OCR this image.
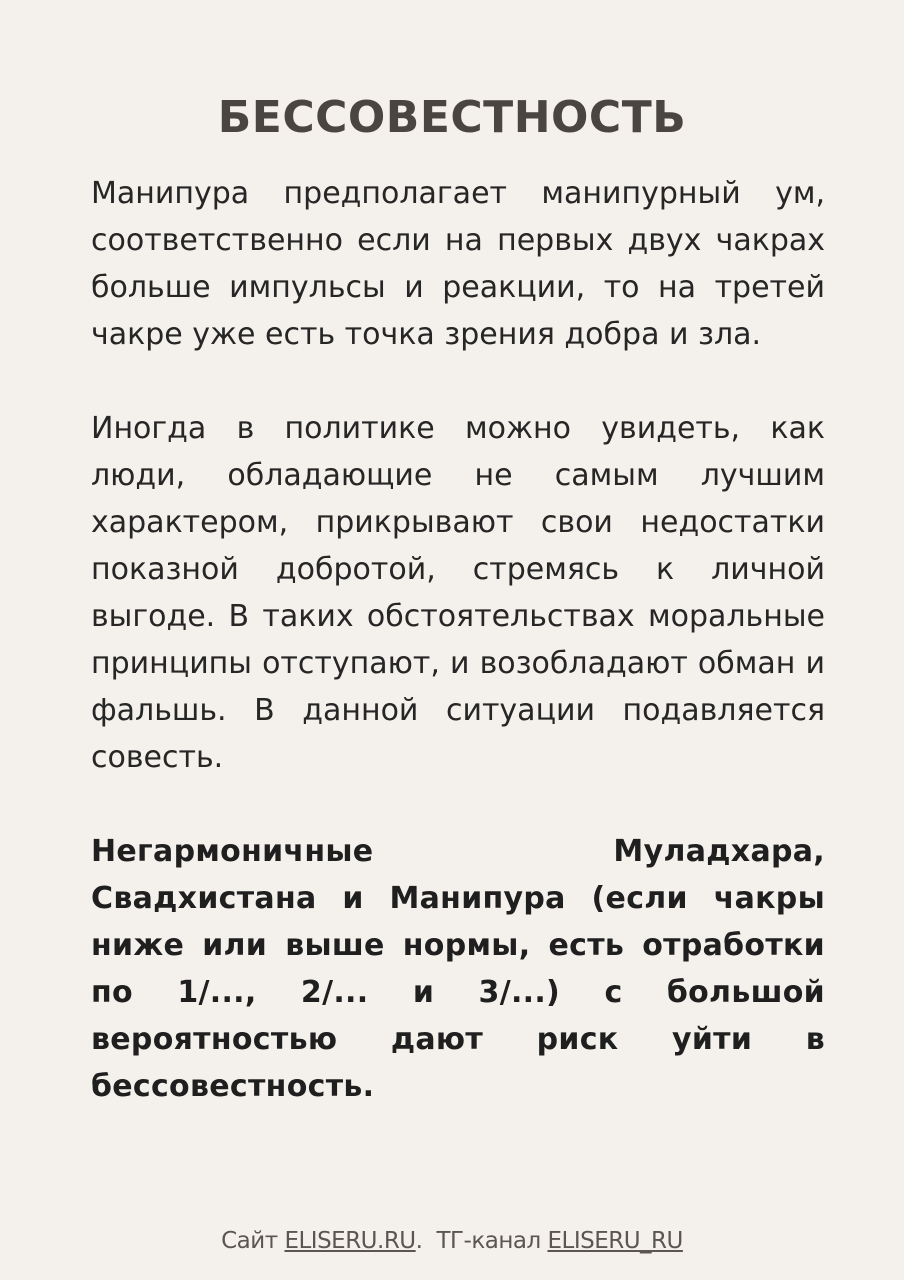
БЕССОВЕСТНОСТЬ

Манипура предполагает манипурный ум, соответственно если на первых двух чакрах больше импульсы и реакции, то на третей чакре уже есть точка зрения добра и зла.

Иногда в политике можно увидеть, как люди, обладающие не самым лучшим характером, прикрывают свои недостатки показной добротой, стремясь к личной выгоде. В таких обстоятельствах моральные принципы отступают, и возобладают обман и фальшь. В данной ситуации подавляется совесть.

Негармоничные Муладхара, Свадхистана и Манипура (если чакры ниже или выше нормы, есть отработки по 1/..., 2/... и 3/...) с большой вероятностью дают риск уйти в бессовестность.

Сайт ELISERU.RU. ТГ-канал ELISERU_RU
